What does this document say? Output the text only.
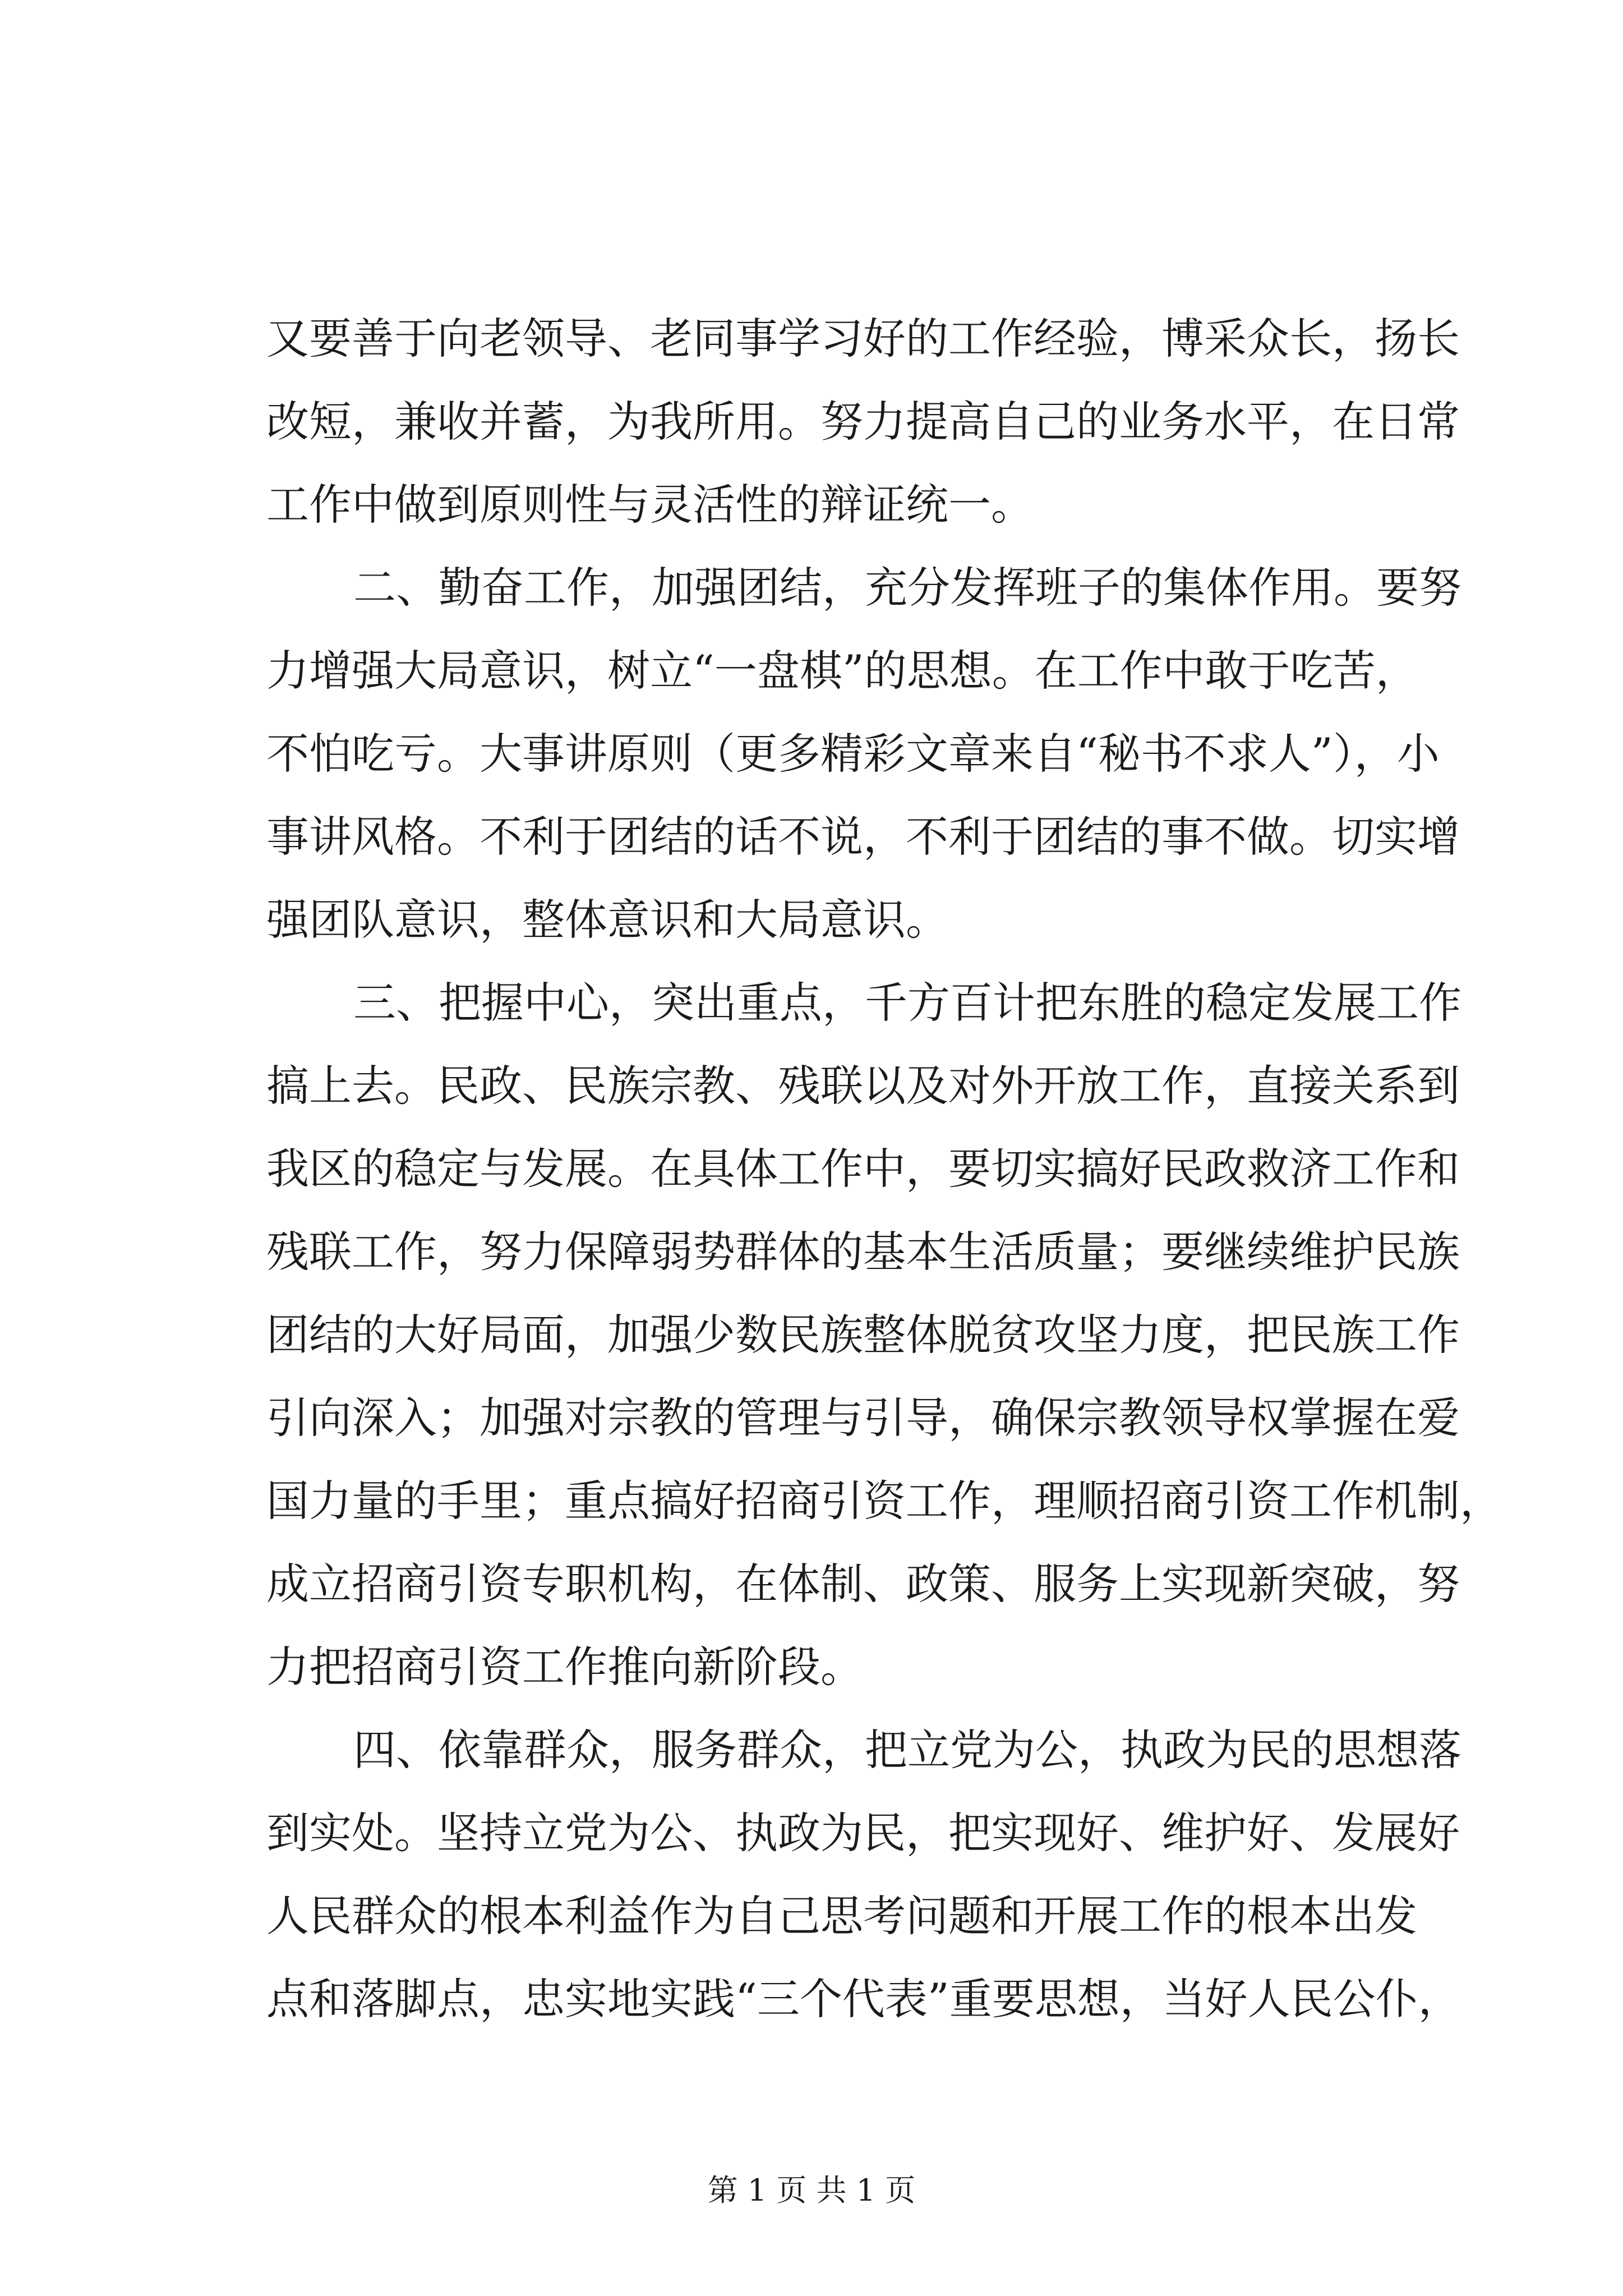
又要善于向老领导、老同事学习好的工作经验，博采众长，扬长
改短，兼收并蓄，为我所用。努力提高自己的业务水平，在日常
工作中做到原则性与灵活性的辩证统一。
二、勤奋工作，加强团结，充分发挥班子的集体作用。要努
力增强大局意识，树立“一盘棋”的思想。在工作中敢于吃苦，
不怕吃亏。大事讲原则（更多精彩文章来自“秘书不求人”），小
事讲风格。不利于团结的话不说，不利于团结的事不做。切实增
强团队意识，整体意识和大局意识。
三、把握中心，突出重点，千方百计把东胜的稳定发展工作
搞上去。民政、民族宗教、残联以及对外开放工作，直接关系到
我区的稳定与发展。在具体工作中，要切实搞好民政救济工作和
残联工作，努力保障弱势群体的基本生活质量；要继续维护民族
团结的大好局面，加强少数民族整体脱贫攻坚力度，把民族工作
引向深入；加强对宗教的管理与引导，确保宗教领导权掌握在爱
国力量的手里；重点搞好招商引资工作，理顺招商引资工作机制，
成立招商引资专职机构，在体制、政策、服务上实现新突破，努
力把招商引资工作推向新阶段。
四、依靠群众，服务群众，把立党为公，执政为民的思想落
到实处。坚持立党为公、执政为民，把实现好、维护好、发展好
人民群众的根本利益作为自己思考问题和开展工作的根本出发
点和落脚点，忠实地实践“三个代表”重要思想，当好人民公仆，
第 1 页 共 1 页
